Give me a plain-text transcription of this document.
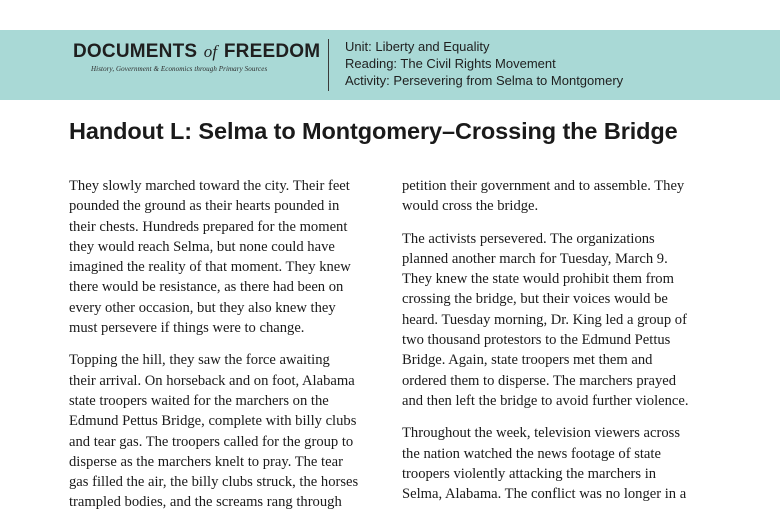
DOCUMENTS of FREEDOM
History, Government & Economics through Primary Sources
Unit: Liberty and Equality
Reading: The Civil Rights Movement
Activity: Persevering from Selma to Montgomery
Handout L: Selma to Montgomery–Crossing the Bridge

They slowly marched toward the city. Their feet
pounded the ground as their hearts pounded in
their chests. Hundreds prepared for the moment
they would reach Selma, but none could have
imagined the reality of that moment. They knew
there would be resistance, as there had been on
every other occasion, but they also knew they
must persevere if things were to change.

Topping the hill, they saw the force awaiting
their arrival. On horseback and on foot, Alabama
state troopers waited for the marchers on the
Edmund Pettus Bridge, complete with billy clubs
and tear gas. The troopers called for the group to
disperse as the marchers knelt to pray. The tear
gas filled the air, the billy clubs struck, the horses
trampled bodies, and the screams rang through

petition their government and to assemble. They
would cross the bridge.

The activists persevered. The organizations
planned another march for Tuesday, March 9.
They knew the state would prohibit them from
crossing the bridge, but their voices would be
heard. Tuesday morning, Dr. King led a group of
two thousand protestors to the Edmund Pettus
Bridge. Again, state troopers met them and
ordered them to disperse. The marchers prayed
and then left the bridge to avoid further violence.

Throughout the week, television viewers across
the nation watched the news footage of state
troopers violently attacking the marchers in
Selma, Alabama. The conflict was no longer in a
